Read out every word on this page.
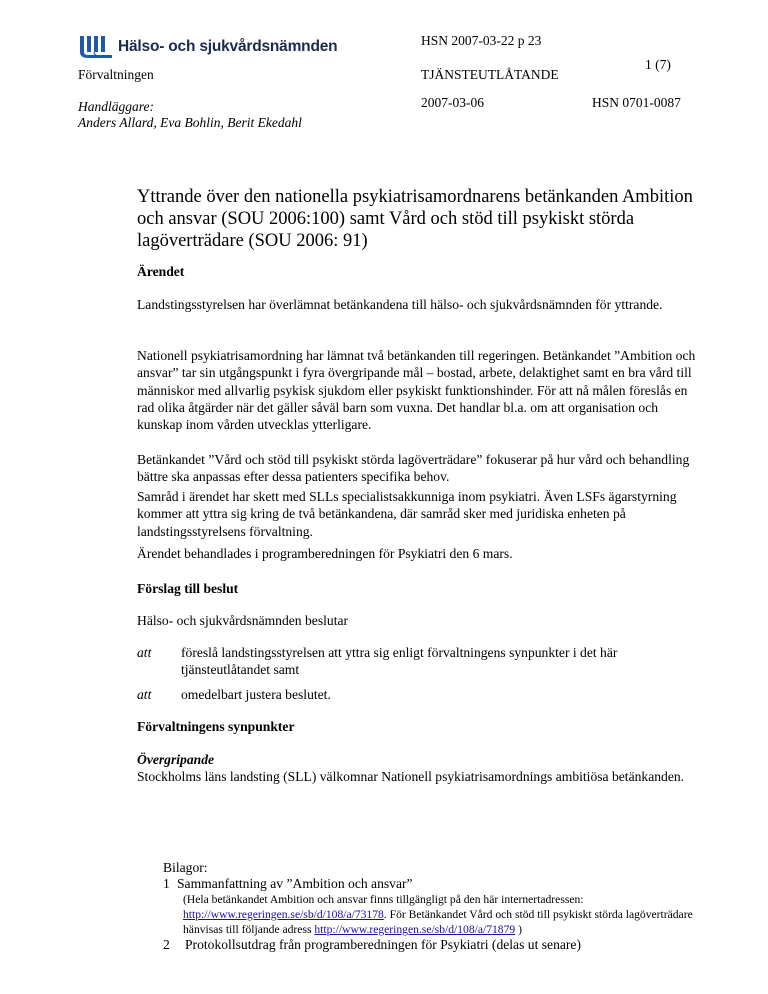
Hälso- och sjukvårdsnämnden
Förvaltningen
Handläggare:
Anders Allard, Eva Bohlin, Berit Ekedahl
HSN 2007-03-22 p 23
TJÄNSTEUTLÅTANDE
1 (7)
2007-03-06	HSN 0701-0087
Yttrande över den nationella psykiatrisamordnarens betänkanden Ambition och ansvar (SOU 2006:100) samt Vård och stöd till psykiskt störda lagöverträdare (SOU 2006: 91)

Ärendet

Landstingsstyrelsen har överlämnat betänkandena till hälso- och sjukvårdsnämnden för yttrande.

Nationell psykiatrisamordning har lämnat två betänkanden till regeringen. Betänkandet ”Ambition och ansvar” tar sin utgångspunkt i fyra övergripande mål – bostad, arbete, delaktighet samt en bra vård till människor med allvarlig psykisk sjukdom eller psykiskt funktionshinder. För att nå målen föreslås en rad olika åtgärder när det gäller såväl barn som vuxna. Det handlar bl.a. om att organisation och kunskap inom vården utvecklas ytterligare.

Betänkandet ”Vård och stöd till psykiskt störda lagöverträdare” fokuserar på hur vård och behandling bättre ska anpassas efter dessa patienters specifika behov.

Samråd i ärendet har skett med SLLs specialistsakkunniga inom psykiatri. Även LSFs ägarstyrning kommer att yttra sig kring de två betänkandena, där samråd sker med juridiska enheten på landstingsstyrelsens förvaltning.

Ärendet behandlades i programberedningen för Psykiatri den 6 mars.

Förslag till beslut

Hälso- och sjukvårdsnämnden beslutar

att	föreslå landstingsstyrelsen att yttra sig enligt förvaltningens synpunkter i det här tjänsteutlåtandet samt
att	omedelbart justera beslutet.

Förvaltningens synpunkter

Övergripande

Stockholms läns landsting (SLL) välkomnar Nationell psykiatrisamordnings ambitiösa betänkanden.

Bilagor:
1 Sammanfattning av ”Ambition och ansvar”
(Hela betänkandet Ambition och ansvar finns tillgängligt på den här internertadressen: http://www.regeringen.se/sb/d/108/a/73178. För Betänkandet Vård och stöd till psykiskt störda lagöverträdare hänvisas till följande adress http://www.regeringen.se/sb/d/108/a/71879 )
2	Protokollsutdrag från programberedningen för Psykiatri (delas ut senare)
